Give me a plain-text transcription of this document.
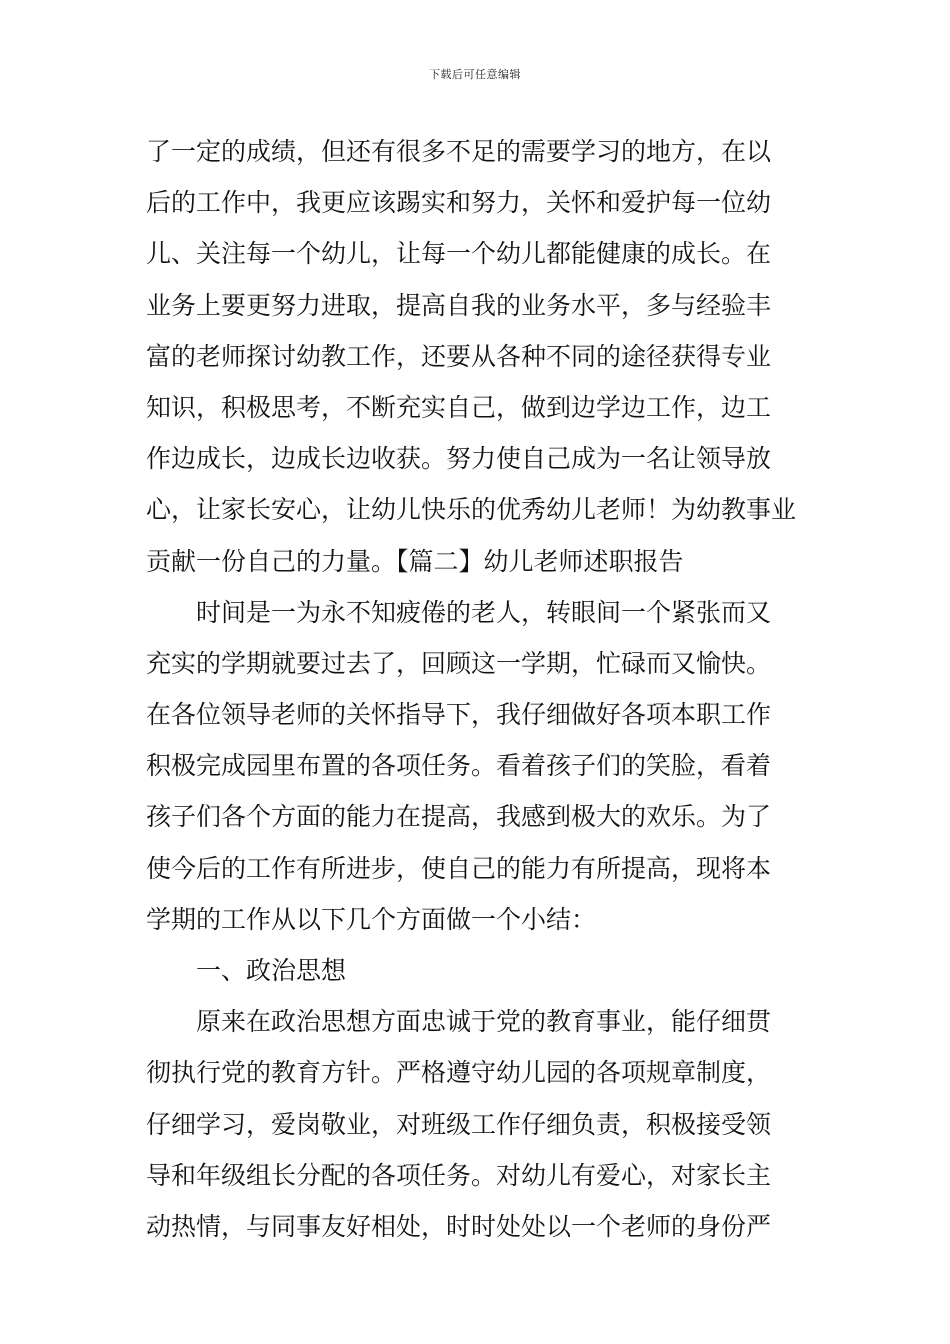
下载后可任意编辑
了一定的成绩，但还有很多不足的需要学习的地方，在以
后的工作中，我更应该踢实和努力，关怀和爱护每一位幼
儿、关注每一个幼儿，让每一个幼儿都能健康的成长。在
业务上要更努力进取，提高自我的业务水平，多与经验丰
富的老师探讨幼教工作，还要从各种不同的途径获得专业
知识，积极思考，不断充实自己，做到边学边工作，边工
作边成长，边成长边收获。努力使自己成为一名让领导放
心，让家长安心，让幼儿快乐的优秀幼儿老师！为幼教事业
贡献一份自己的力量。【篇二】幼儿老师述职报告
时间是一为永不知疲倦的老人，转眼间一个紧张而又
充实的学期就要过去了，回顾这一学期，忙碌而又愉快。
在各位领导老师的关怀指导下，我仔细做好各项本职工作
积极完成园里布置的各项任务。看着孩子们的笑脸，看着
孩子们各个方面的能力在提高，我感到极大的欢乐。为了
使今后的工作有所进步，使自己的能力有所提高，现将本
学期的工作从以下几个方面做一个小结：
一、政治思想
原来在政治思想方面忠诚于党的教育事业，能仔细贯
彻执行党的教育方针。严格遵守幼儿园的各项规章制度，
仔细学习，爱岗敬业，对班级工作仔细负责，积极接受领
导和年级组长分配的各项任务。对幼儿有爱心，对家长主
动热情，与同事友好相处，时时处处以一个老师的身份严
